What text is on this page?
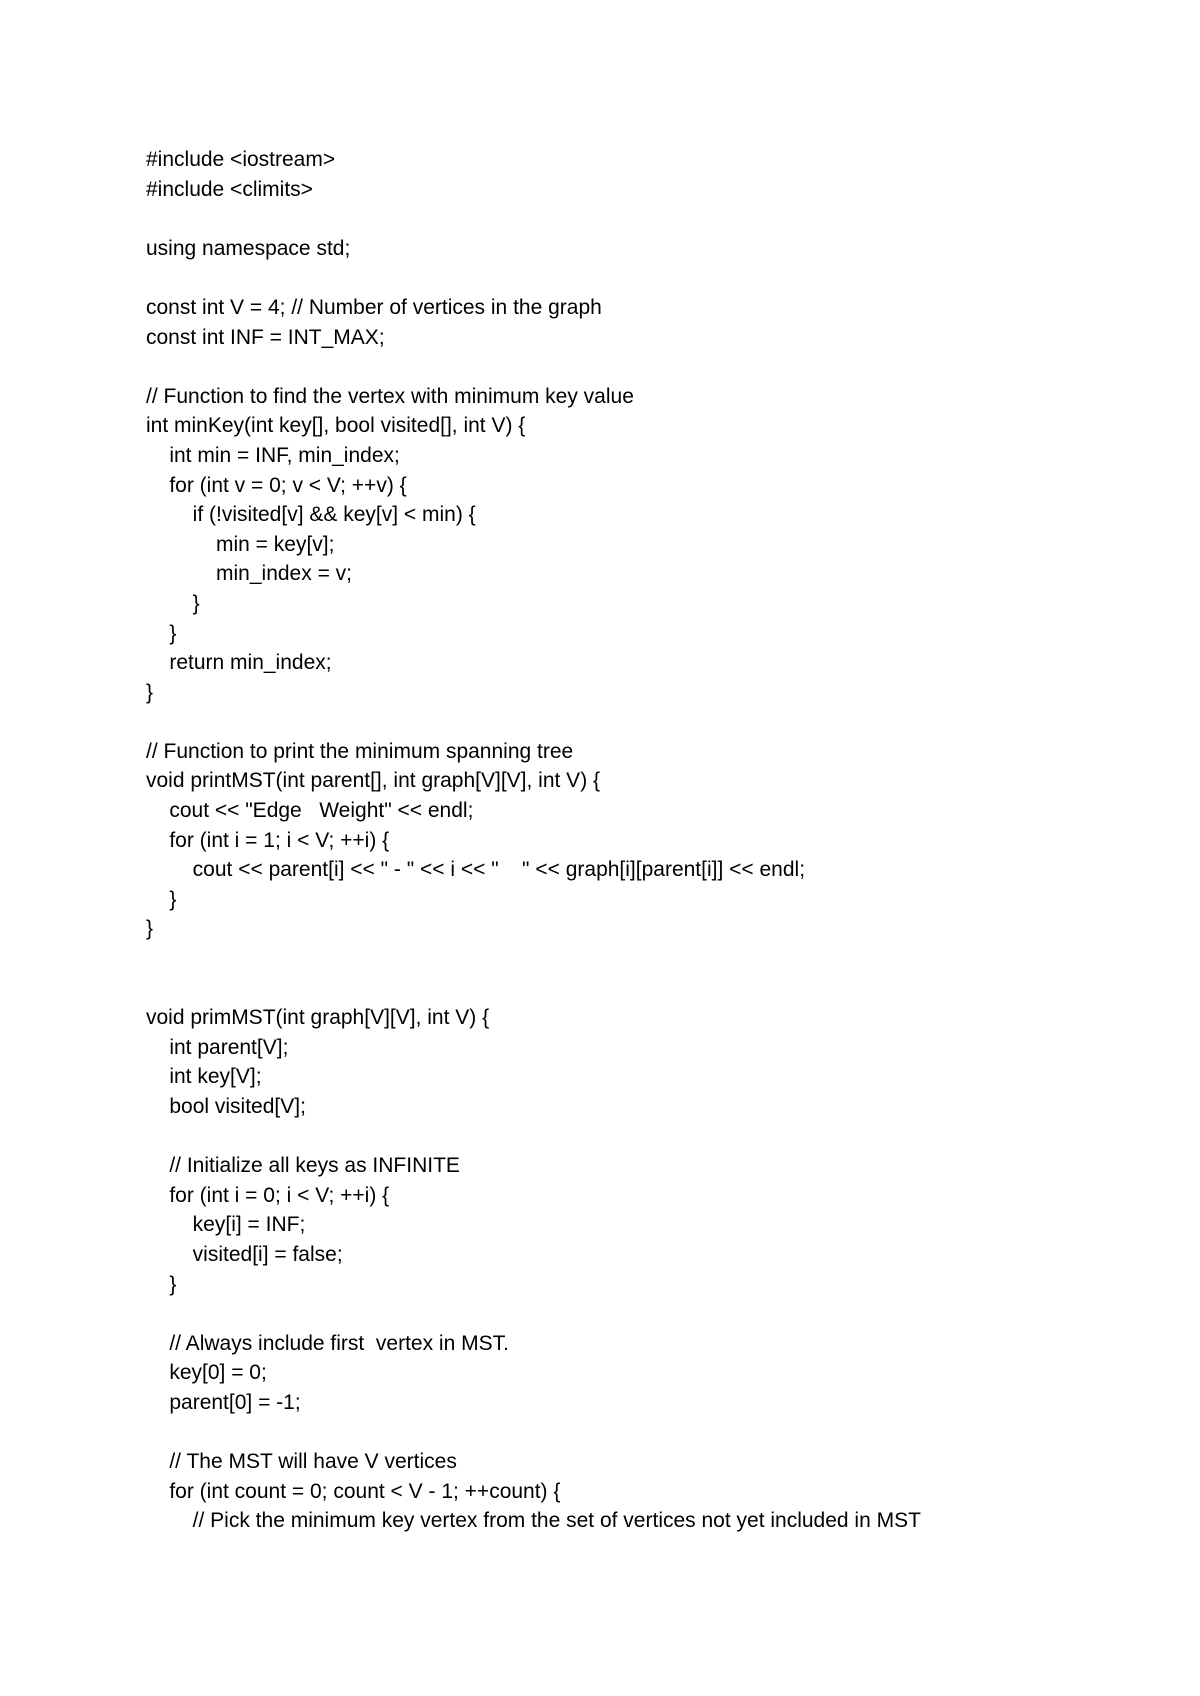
#include <iostream>
#include <climits>
using namespace std;
const int V = 4; // Number of vertices in the graph
const int INF = INT_MAX;
// Function to find the vertex with minimum key value
int minKey(int key[], bool visited[], int V) {
int min = INF, min_index;
for (int v = 0; v < V; ++v) {
if (!visited[v] && key[v] < min) {
min = key[v];
min_index = v;
}
}
return min_index;
}
// Function to print the minimum spanning tree
void printMST(int parent[], int graph[V][V], int V) {
cout << "Edge   Weight" << endl;
for (int i = 1; i < V; ++i) {
cout << parent[i] << " - " << i << "    " << graph[i][parent[i]] << endl;
}
}
void primMST(int graph[V][V], int V) {
int parent[V];
int key[V];
bool visited[V];
// Initialize all keys as INFINITE
for (int i = 0; i < V; ++i) {
key[i] = INF;
visited[i] = false;
}
// Always include first  vertex in MST.
key[0] = 0;
parent[0] = -1;
// The MST will have V vertices
for (int count = 0; count < V - 1; ++count) {
// Pick the minimum key vertex from the set of vertices not yet included in MST
